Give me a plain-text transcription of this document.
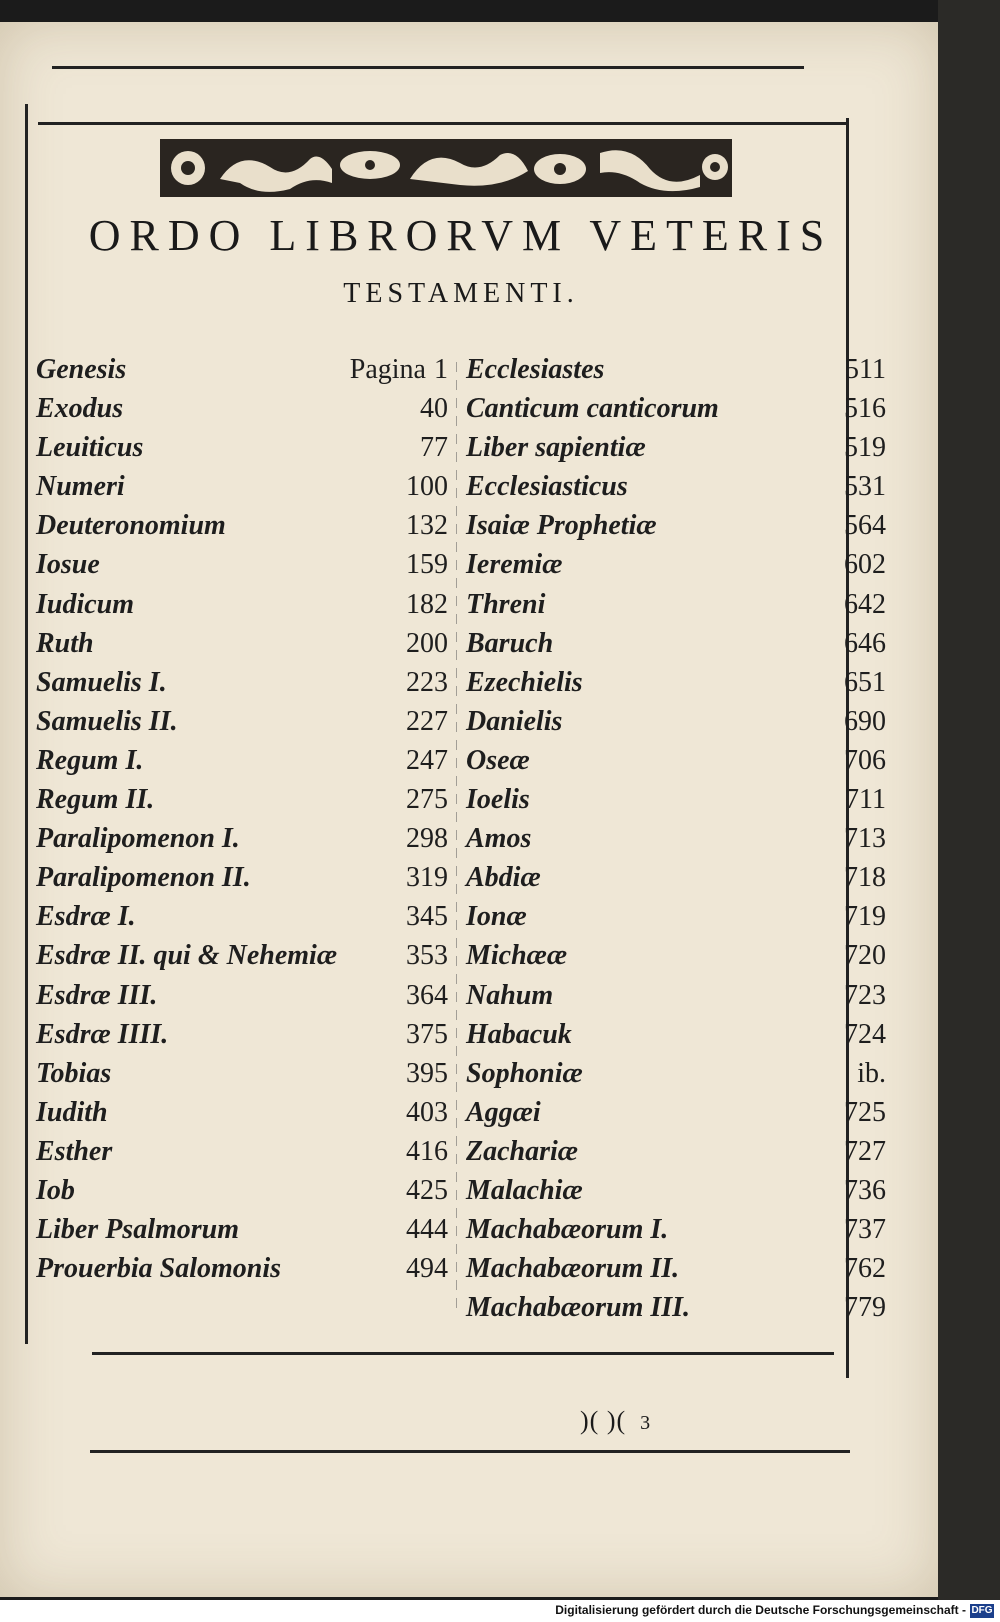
ORDO LIBRORVM VETERIS
TESTAMENTI.
Genesis	Pagina 1
Exodus	40
Leuiticus	77
Numeri	100
Deuteronomium	132
Iosue	159
Iudicum	182
Ruth	200
Samuelis I.	223
Samuelis II.	227
Regum I.	247
Regum II.	275
Paralipomenon I.	298
Paralipomenon II.	319
Esdræ I.	345
Esdræ II. qui & Nehemiæ 353
Esdræ III.	364
Esdræ IIII.	375
Tobias	395
Iudith	403
Esther	416
Iob	425
Liber Psalmorum	444
Prouerbia Salomonis	494
Ecclesiastes	511
Canticum canticorum	516
Liber sapientiæ	519
Ecclesiasticus	531
Isaiæ Prophetiæ	564
Ieremiæ	602
Threni	642
Baruch	646
Ezechielis	651
Danielis	690
Oseæ	706
Ioelis	711
Amos	713
Abdiæ	718
Ionæ	719
Michææ	720
Nahum	723
Habacuk	724
Sophoniæ	ib.
Aggæi	725
Zachariæ	727
Malachiæ	736
Machabæorum I.	737
Machabæorum II.	762
Machabæorum III.	779
)( )( 3
Digitalisierung gefördert durch die Deutsche Forschungsgemeinschaft - DFG
